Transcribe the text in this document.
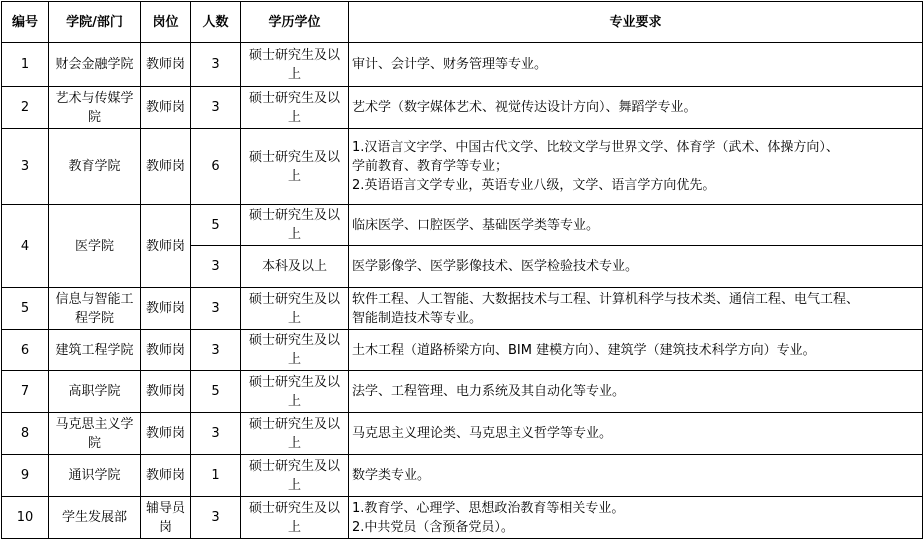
编号	学院/部门	岗位	人数	学历学位	专业要求
1	财会金融学院	教师岗	3	硕士研究生及以上	审计、会计学、财务管理等专业。

2	艺术与传媒学院	教师岗	3	硕士研究生及以上	艺术学（数字媒体艺术、视觉传达设计方向）、舞蹈学专业。

3	教育学院	教师岗	6	硕士研究生及以上	1.汉语言文字学、中国古代文学、比较文学与世界文学、体育学（武术、体操方向）、
学前教育、教育学等专业；
2.英语语言文学专业，英语专业八级，文学、语言学方向优先。

4	医学院	教师岗	5	硕士研究生及以上	临床医学、口腔医学、基础医学类等专业。

			3	本科及以上	医学影像学、医学影像技术、医学检验技术专业。

5	信息与智能工程学院	教师岗	3	硕士研究生及以上	软件工程、人工智能、大数据技术与工程、计算机科学与技术类、通信工程、电气工程、
智能制造技术等专业。

6	建筑工程学院	教师岗	3	硕士研究生及以上	土木工程（道路桥梁方向、BIM 建模方向）、建筑学（建筑技术科学方向）专业。

7	高职学院	教师岗	5	硕士研究生及以上	法学、工程管理、电力系统及其自动化等专业。

8	马克思主义学院	教师岗	3	硕士研究生及以上	马克思主义理论类、马克思主义哲学等专业。

9	通识学院	教师岗	1	硕士研究生及以上	数学类专业。

10	学生发展部	辅导员岗	3	硕士研究生及以上	1.教育学、心理学、思想政治教育等相关专业。
2.中共党员（含预备党员）。
